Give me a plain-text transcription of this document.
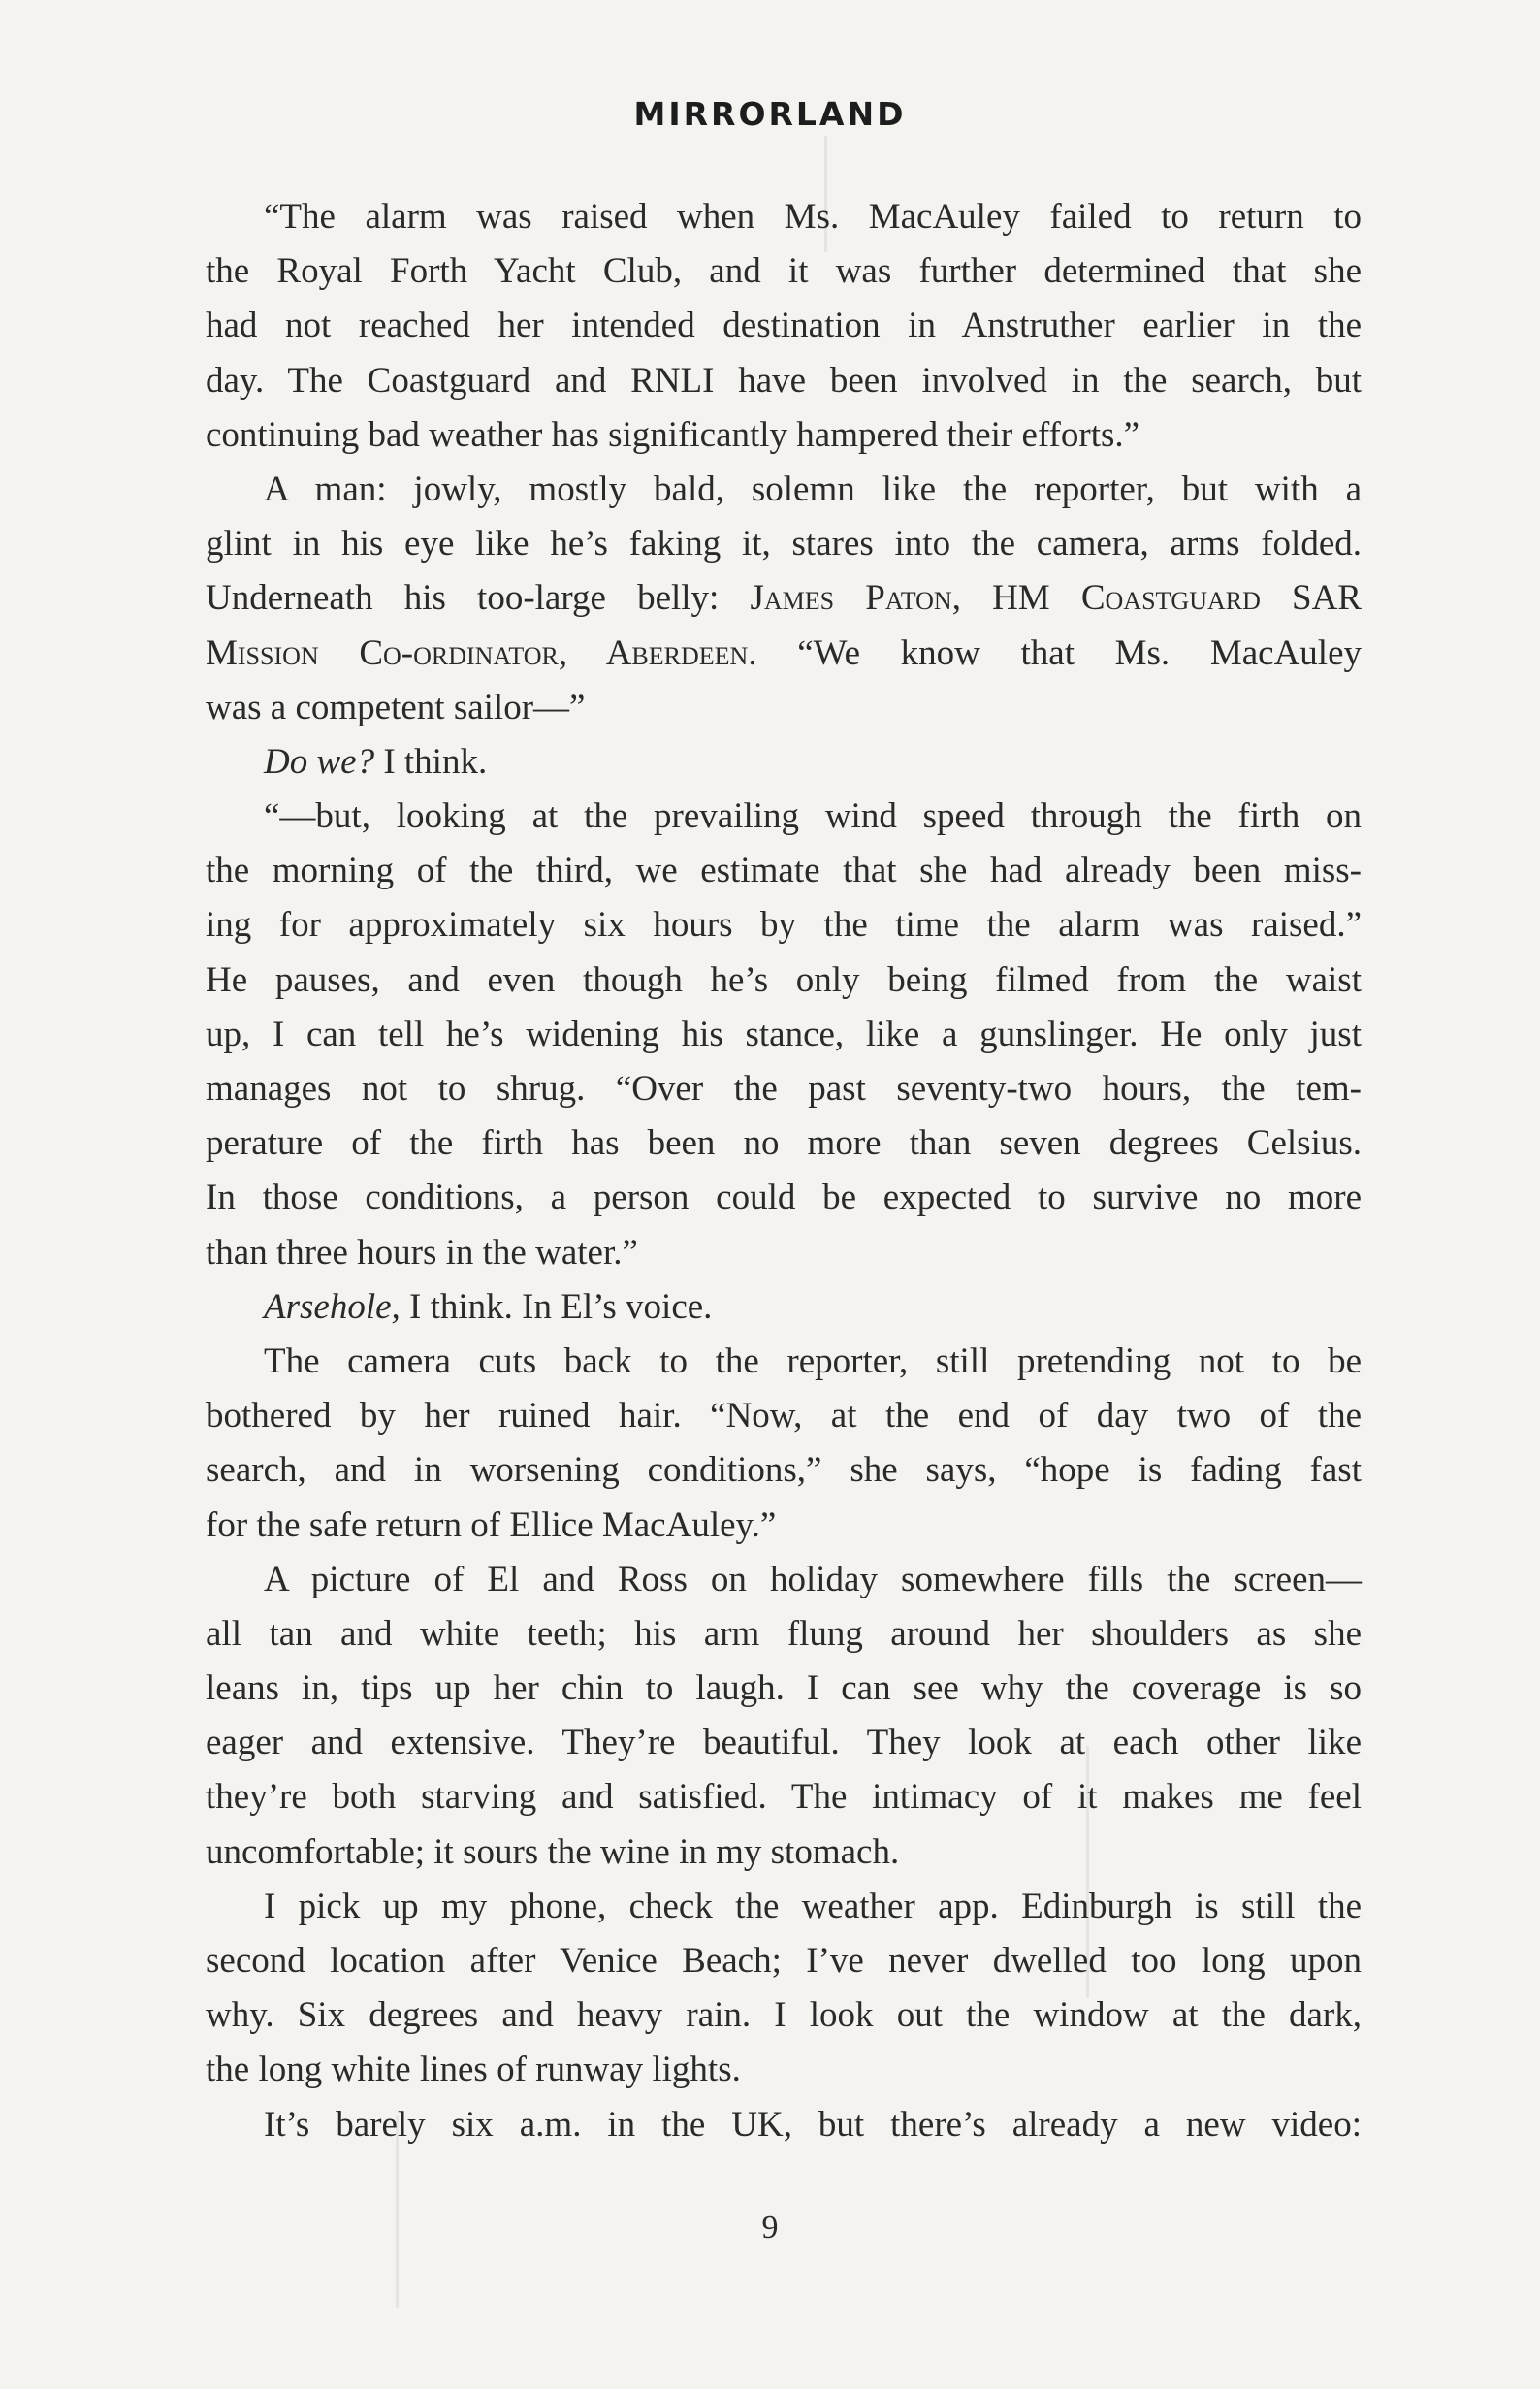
MIRRORLAND
“The alarm was raised when Ms. MacAuley failed to return to
the Royal Forth Yacht Club, and it was further determined that she
had not reached her intended destination in Anstruther earlier in the
day. The Coastguard and RNLI have been involved in the search, but
continuing bad weather has significantly hampered their efforts.”
A man: jowly, mostly bald, solemn like the reporter, but with a
glint in his eye like he’s faking it, stares into the camera, arms folded.
Underneath his too-large belly: James Paton, HM Coastguard SAR
Mission Co-ordinator, Aberdeen. “We know that Ms. MacAuley
was a competent sailor—”
Do we? I think.
“—but, looking at the prevailing wind speed through the firth on
the morning of the third, we estimate that she had already been miss-
ing for approximately six hours by the time the alarm was raised.”
He pauses, and even though he’s only being filmed from the waist
up, I can tell he’s widening his stance, like a gunslinger. He only just
manages not to shrug. “Over the past seventy-two hours, the tem-
perature of the firth has been no more than seven degrees Celsius.
In those conditions, a person could be expected to survive no more
than three hours in the water.”
Arsehole, I think. In El’s voice.
The camera cuts back to the reporter, still pretending not to be
bothered by her ruined hair. “Now, at the end of day two of the
search, and in worsening conditions,” she says, “hope is fading fast
for the safe return of Ellice MacAuley.”
A picture of El and Ross on holiday somewhere fills the screen—
all tan and white teeth; his arm flung around her shoulders as she
leans in, tips up her chin to laugh. I can see why the coverage is so
eager and extensive. They’re beautiful. They look at each other like
they’re both starving and satisfied. The intimacy of it makes me feel
uncomfortable; it sours the wine in my stomach.
I pick up my phone, check the weather app. Edinburgh is still the
second location after Venice Beach; I’ve never dwelled too long upon
why. Six degrees and heavy rain. I look out the window at the dark,
the long white lines of runway lights.
It’s barely six a.m. in the UK, but there’s already a new video:
9
